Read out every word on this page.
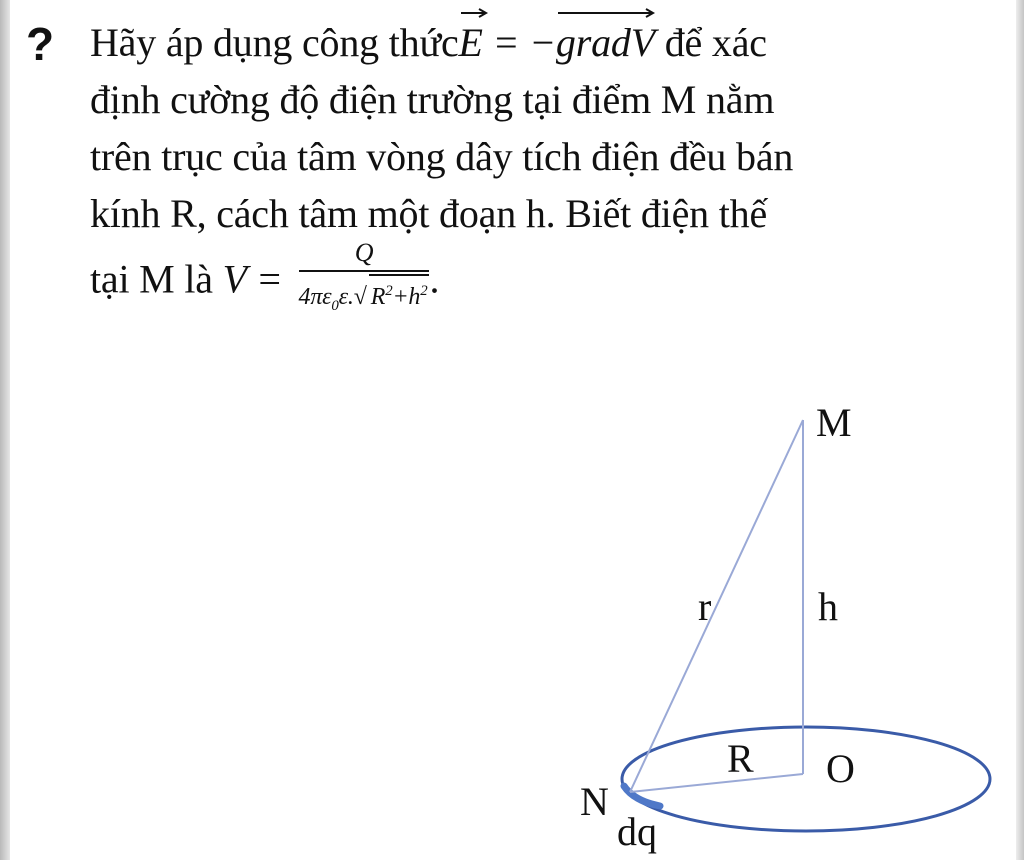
? Hãy áp dụng công thức
E = −
gradV để xác
định cường độ điện trường tại điểm M nằm
trên trục của tâm vòng dây tích điện đều bán
kính R, cách tâm một đoạn h. Biết điện thế
tại M là $V = \frac{Q}{4\pi\varepsilon_0\varepsilon.√ R^2+h^2}$ .
M
h
r
R O
N
dq
